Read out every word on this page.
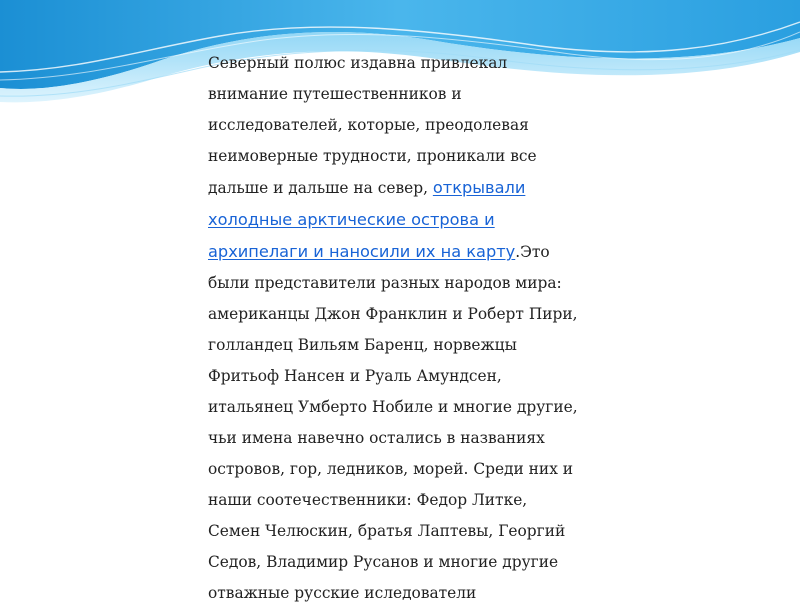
Северный полюс издавна привлекал
внимание путешественников и
исследователей, которые, преодолевая
неимоверные трудности, проникали все
дальше и дальше на север, открывали
холодные арктические острова и
архипелаги и наносили их на карту.Это
были представители разных народов мира:
американцы Джон Франклин и Роберт Пири,
голландец Вильям Баренц, норвежцы
Фритьоф Нансен и Руаль Амундсен,
итальянец Умберто Нобиле и многие другие,
чьи имена навечно остались в названиях
островов, гор, ледников, морей. Среди них и
наши соотечественники: Федор Литке,
Семен Челюскин, братья Лаптевы, Георгий
Седов, Владимир Русанов и многие другие
отважные русские иследователи
